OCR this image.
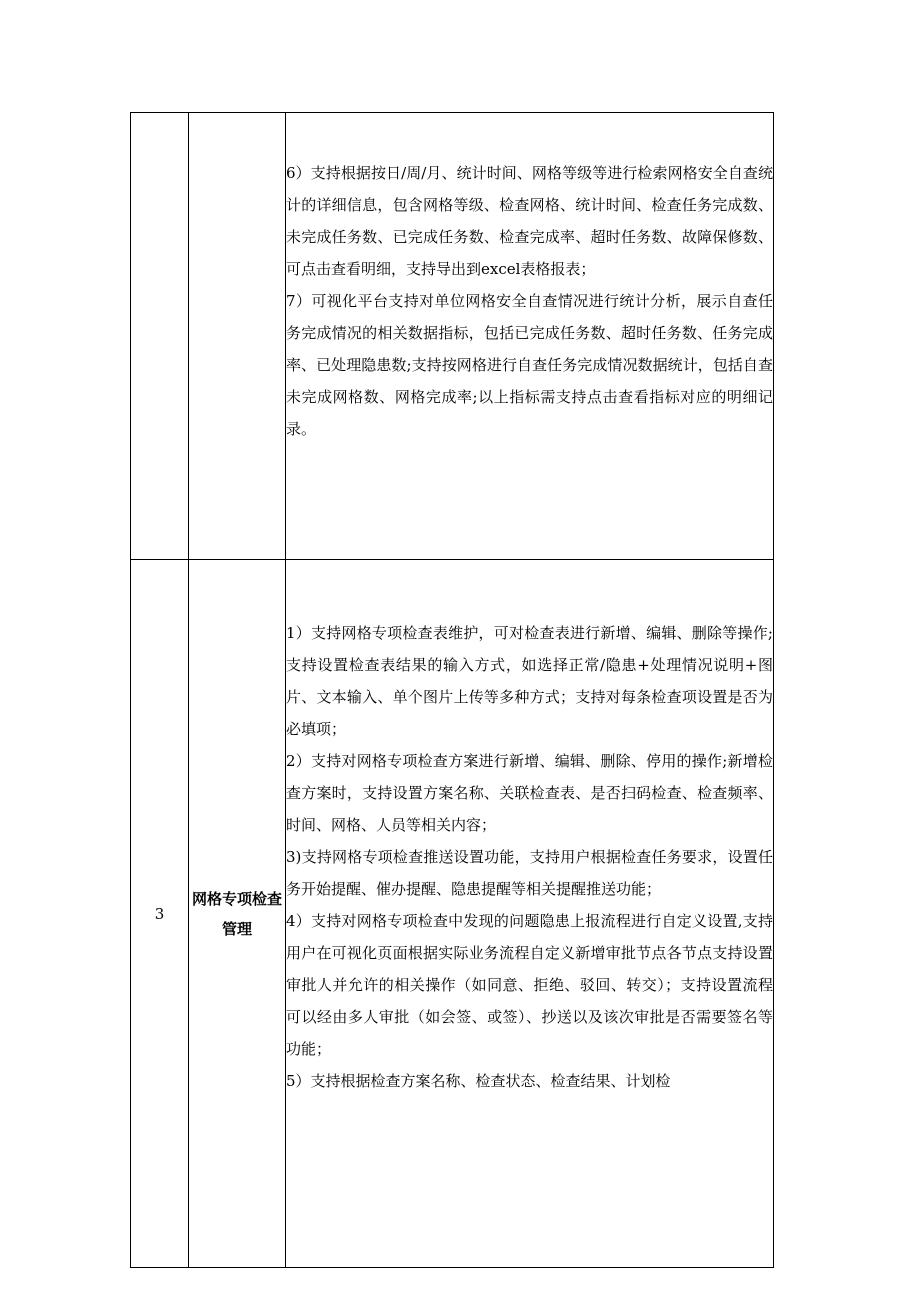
		6）支持根据按日/周/月、统计时间、网格等级等进行检索网格安全自查统计的详细信息，包含网格等级、检查网格、统计时间、检查任务完成数、未完成任务数、已完成任务数、检查完成率、超时任务数、故障保修数、可点击查看明细，支持导出到excel表格报表；

7）可视化平台支持对单位网格安全自查情况进行统计分析，展示自查任务完成情况的相关数据指标，包括已完成任务数、超时任务数、任务完成率、已处理隐患数;支持按网格进行自查任务完成情况数据统计，包括自查未完成网格数、网格完成率;以上指标需支持点击查看指标对应的明细记录。

3	网格专项检查管理	1）支持网格专项检查表维护，可对检查表进行新增、编辑、删除等操作;支持设置检查表结果的输入方式，如选择正常/隐患+处理情况说明+图片、文本输入、单个图片上传等多种方式；支持对每条检查项设置是否为必填项；

2）支持对网格专项检查方案进行新增、编辑、删除、停用的操作;新增检查方案时，支持设置方案名称、关联检查表、是否扫码检查、检查频率、时间、网格、人员等相关内容；

3)支持网格专项检查推送设置功能，支持用户根据检查任务要求，设置任务开始提醒、催办提醒、隐患提醒等相关提醒推送功能；

4）支持对网格专项检查中发现的问题隐患上报流程进行自定义设置,支持用户在可视化页面根据实际业务流程自定义新增审批节点各节点支持设置审批人并允许的相关操作（如同意、拒绝、驳回、转交）；支持设置流程可以经由多人审批（如会签、或签）、抄送以及该次审批是否需要签名等功能；

5）支持根据检查方案名称、检查状态、检查结果、计划检
